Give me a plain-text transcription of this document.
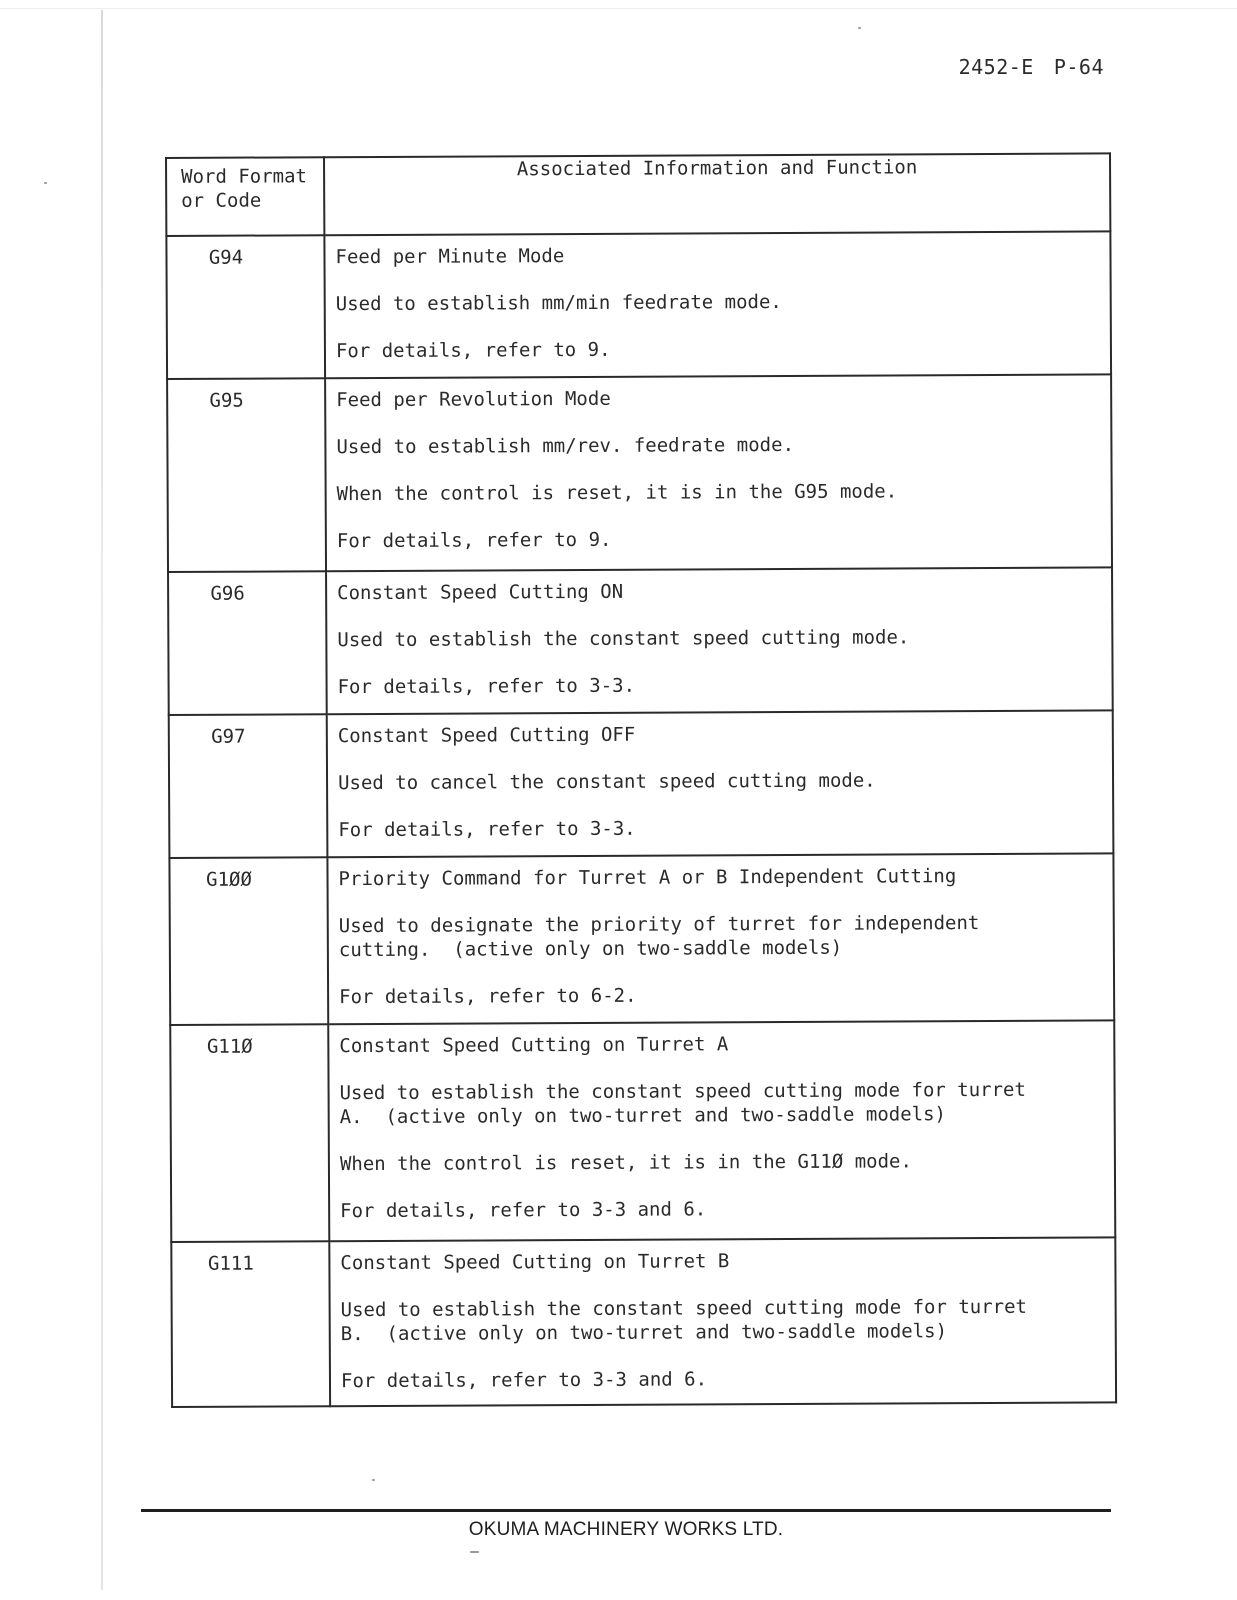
2452-E P-64
Word Format
or Code	Associated Information and Function
G94	Feed per Minute Mode

Used to establish mm/min feedrate mode.

For details, refer to 9.

G95	Feed per Revolution Mode

Used to establish mm/rev. feedrate mode.

When the control is reset, it is in the G95 mode.

For details, refer to 9.

G96	Constant Speed Cutting ON

Used to establish the constant speed cutting mode.

For details, refer to 3-3.

G97	Constant Speed Cutting OFF

Used to cancel the constant speed cutting mode.

For details, refer to 3-3.

G1ØØ	Priority Command for Turret A or B Independent Cutting

Used to designate the priority of turret for independent
cutting.  (active only on two-saddle models)

For details, refer to 6-2.

G11Ø	Constant Speed Cutting on Turret A

Used to establish the constant speed cutting mode for turret
A.  (active only on two-turret and two-saddle models)

When the control is reset, it is in the G11Ø mode.

For details, refer to 3-3 and 6.

G111	Constant Speed Cutting on Turret B

Used to establish the constant speed cutting mode for turret
B.  (active only on two-turret and two-saddle models)

For details, refer to 3-3 and 6.

OKUMA MACHINERY WORKS LTD.
